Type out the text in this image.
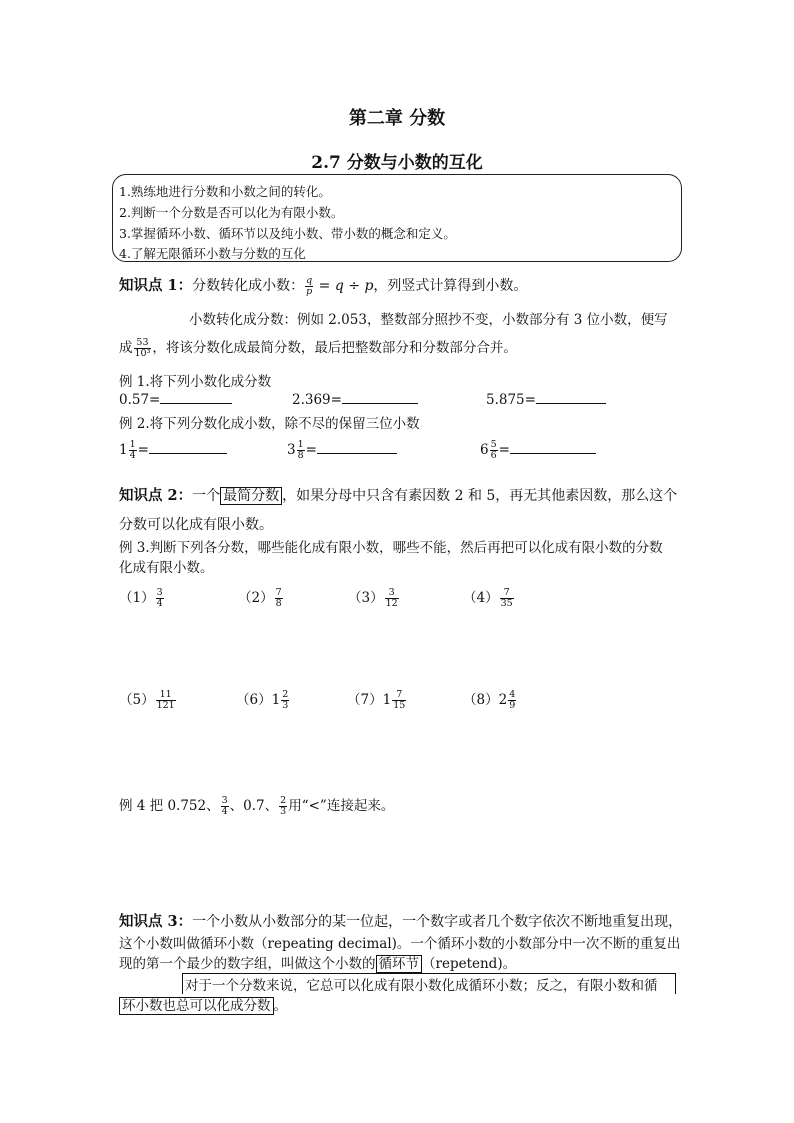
第二章 分数
2.7 分数与小数的互化
1.熟练地进行分数和小数之间的转化。
2.判断一个分数是否可以化为有限小数。
3.掌握循环小数、循环节以及纯小数、带小数的概念和定义。
4.了解无限循环小数与分数的互化
知识点 1：分数转化成小数： $\frac{q}{p} = q \div p$，列竖式计算得到小数。
小数转化成分数：例如 2.053，整数部分照抄不变，小数部分有 3 位小数，便写
成 $\frac{53}{\text{10³}}$ ，将该分数化成最简分数，最后把整数部分和分数部分合并。
例 1.将下列小数化成分数
0.57=	2.369=	5.875=
例 2.将下列分数化成小数，除不尽的保留三位小数
$1 \frac{1}{4}$ =	$3 \frac{1}{8}$ =	$6 \frac{5}{6}$ =
知识点 2：一个 最简分数 ，如果分母中只含有素因数 2 和 5，再无其他素因数，那么这个
分数可以化成有限小数。
例 3.判断下列各分数，哪些能化成有限小数，哪些不能，然后再把可以化成有限小数的分数
化成有限小数。
$(1) \frac{3}{4}$	$(2) \frac{7}{8}$	$(3) \frac{3}{12}$	$(4) \frac{7}{35}$
$(5) \frac{11}{121}$	$(6)1 \frac{2}{3}$	$(7)1 \frac{7}{15}$	$(8)2 \frac{4}{9}$
例 4 把 0.752、 $\frac{3}{4}$ 、0.7、 $\frac{2}{3}$ 用“<”连接起来。
知识点 3：一个小数从小数部分的某一位起，一个数字或者几个数字依次不断地重复出现，
这个小数叫做循环小数（repeating decimal)。一个循环小数的小数部分中一次不断的重复出
现的第一个最少的数字组，叫做这个小数的 循环节 （repetend)。
对于一个分数来说，它总可以化成有限小数化成循环小数；反之，有限小数和循
环小数也总可以化成分数 。
